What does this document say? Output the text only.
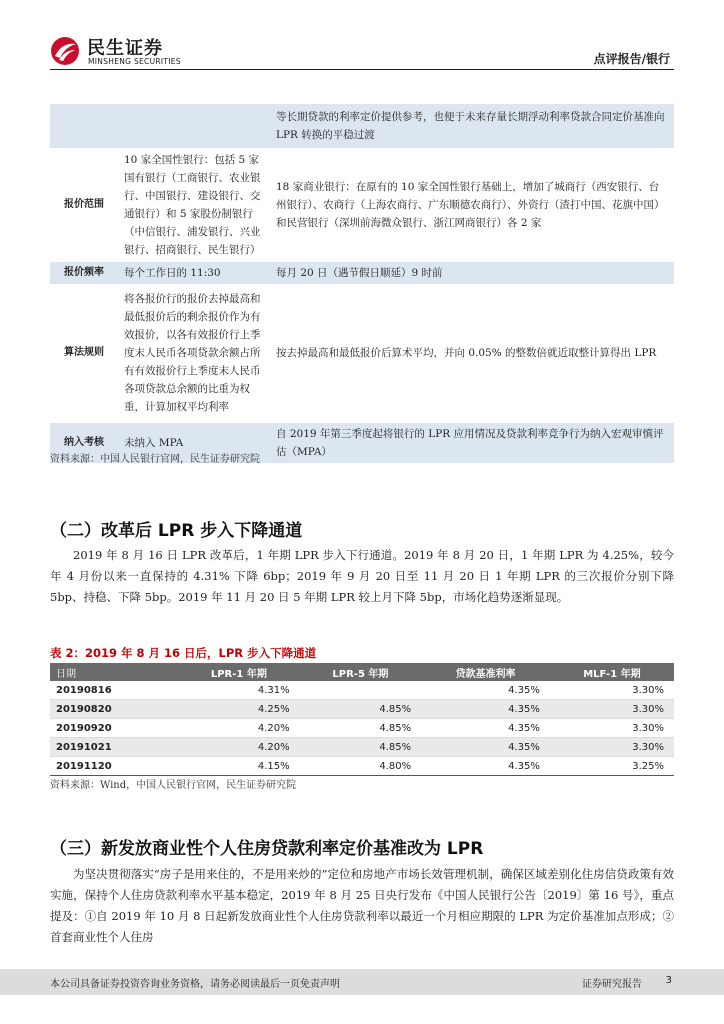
民生证券
MINSHENG SECURITIES	点评报告/银行
		等长期贷款的利率定价提供参考，也便于未来存量长期浮动利率贷款合同定价基准向 LPR 转换的平稳过渡
报价范围	10 家全国性银行：包括 5 家国有银行（工商银行、农业银行、中国银行、建设银行、交通银行）和 5 家股份制银行（中信银行、浦发银行、兴业银行、招商银行、民生银行）	18 家商业银行：在原有的 10 家全国性银行基础上，增加了城商行（西安银行、台州银行）、农商行（上海农商行、广东顺德农商行）、外资行（渣打中国、花旗中国）和民营银行（深圳前海微众银行、浙江网商银行）各 2 家
报价频率	每个工作日的 11:30	每月 20 日（遇节假日顺延）9 时前
算法规则	将各报价行的报价去掉最高和最低报价后的剩余报价作为有效报价，以各有效报价行上季度末人民币各项贷款余额占所有有效报价行上季度末人民币各项贷款总余额的比重为权重，计算加权平均利率	按去掉最高和最低报价后算术平均，并向 0.05% 的整数倍就近取整计算得出 LPR
纳入考核	未纳入 MPA	自 2019 年第三季度起将银行的 LPR 应用情况及贷款利率竞争行为纳入宏观审慎评估（MPA）
资料来源：中国人民银行官网，民生证券研究院
（二）改革后 LPR 步入下降通道
2019 年 8 月 16 日 LPR 改革后，1 年期 LPR 步入下行通道。2019 年 8 月 20 日，1 年期 LPR 为 4.25%，较今年 4 月份以来一直保持的 4.31% 下降 6bp；2019 年 9 月 20 日至 11 月 20 日 1 年期 LPR 的三次报价分别下降 5bp、持稳、下降 5bp。2019 年 11 月 20 日 5 年期 LPR 较上月下降 5bp，市场化趋势逐渐显现。
表 2：2019 年 8 月 16 日后，LPR 步入下降通道
日期	LPR-1 年期	LPR-5 年期	贷款基准利率	MLF-1 年期
20190816	4.31%		4.35%	3.30%
20190820	4.25%	4.85%	4.35%	3.30%
20190920	4.20%	4.85%	4.35%	3.30%
20191021	4.20%	4.85%	4.35%	3.30%
20191120	4.15%	4.80%	4.35%	3.25%
资料来源：Wind，中国人民银行官网，民生证券研究院
（三）新发放商业性个人住房贷款利率定价基准改为 LPR
为坚决贯彻落实“房子是用来住的，不是用来炒的”定位和房地产市场长效管理机制，确保区域差别化住房信贷政策有效实施，保持个人住房贷款利率水平基本稳定，2019 年 8 月 25 日央行发布《中国人民银行公告〔2019〕第 16 号》，重点提及：①自 2019 年 10 月 8 日起新发放商业性个人住房贷款利率以最近一个月相应期限的 LPR 为定价基准加点形成；②首套商业性个人住房
本公司具备证券投资咨询业务资格，请务必阅读最后一页免责声明	证券研究报告 3
